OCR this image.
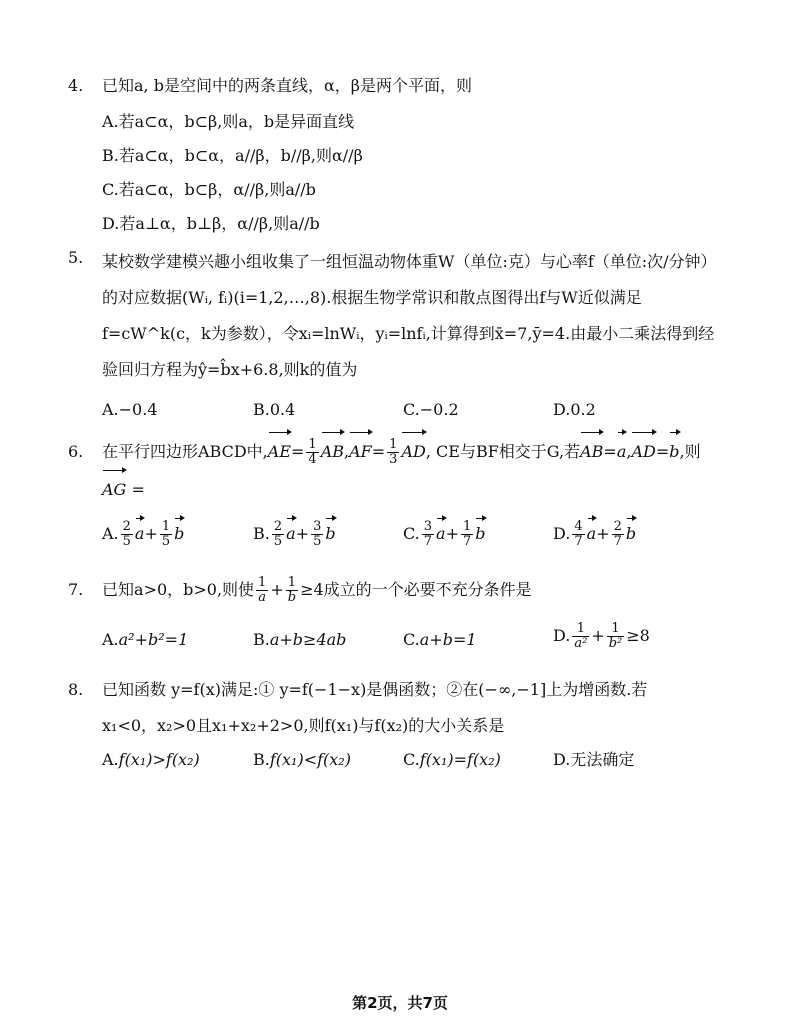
4.	已知a, b是空间中的两条直线，α，β是两个平面，则
A.若a⊂α，b⊂β,则a，b是异面直线
B.若a⊂α，b⊂α，a//β，b//β,则α//β
C.若a⊂α，b⊂β，α//β,则a//b
D.若a⊥α，b⊥β，α//β,则a//b
5.	某校数学建模兴趣小组收集了一组恒温动物体重W（单位:克）与心率f（单位:次/分钟）
的对应数据(Wᵢ, fᵢ)(i=1,2,…,8).根据生物学常识和散点图得出f与W近似满足
f=cW^k(c，k为参数），令xᵢ=lnWᵢ，yᵢ=lnfᵢ,计算得到x̄=7,ȳ=4.由最小二乘法得到经
验回归方程为ŷ=b̂x+6.8,则k的值为
A.−0.4	B.0.4	C.−0.2	D.0.2
6.	在平行四边形ABCD中$,AE= \frac{1}{4} AB,AF= \frac{1}{3}$ AD, CE与BF相交于G,若AB=a,AD=b,则
AG =
A. $\frac{2}{5} a+ \frac{1}{5}$ b	B. $\frac{2}{5} a+ \frac{3}{5}$ b	C. $\frac{3}{7} a+ \frac{1}{7}$ b	D. $\frac{4}{7} a+ \frac{2}{7}$ b
7.	已知a>0，b>0,则使 $\frac{1}{a} + \frac{1}{b} \ge 4$成立的一个必要不充分条件是
A.a²+b²=1	B.a+b≥4ab	C.a+b=1	D. $\frac{1}{\text{a²}} + \frac{1}{\text{b²}} \ge 8$
8.	已知函数 y=f(x)满足:① y=f(−1−x)是偶函数；②在(−∞,−1]上为增函数.若
x₁<0，x₂>0且x₁+x₂+2>0,则f(x₁)与f(x₂)的大小关系是
A.f(x₁)>f(x₂)	B.f(x₁)<f(x₂)	C.f(x₁)=f(x₂)	D.无法确定
第2页，共7页
